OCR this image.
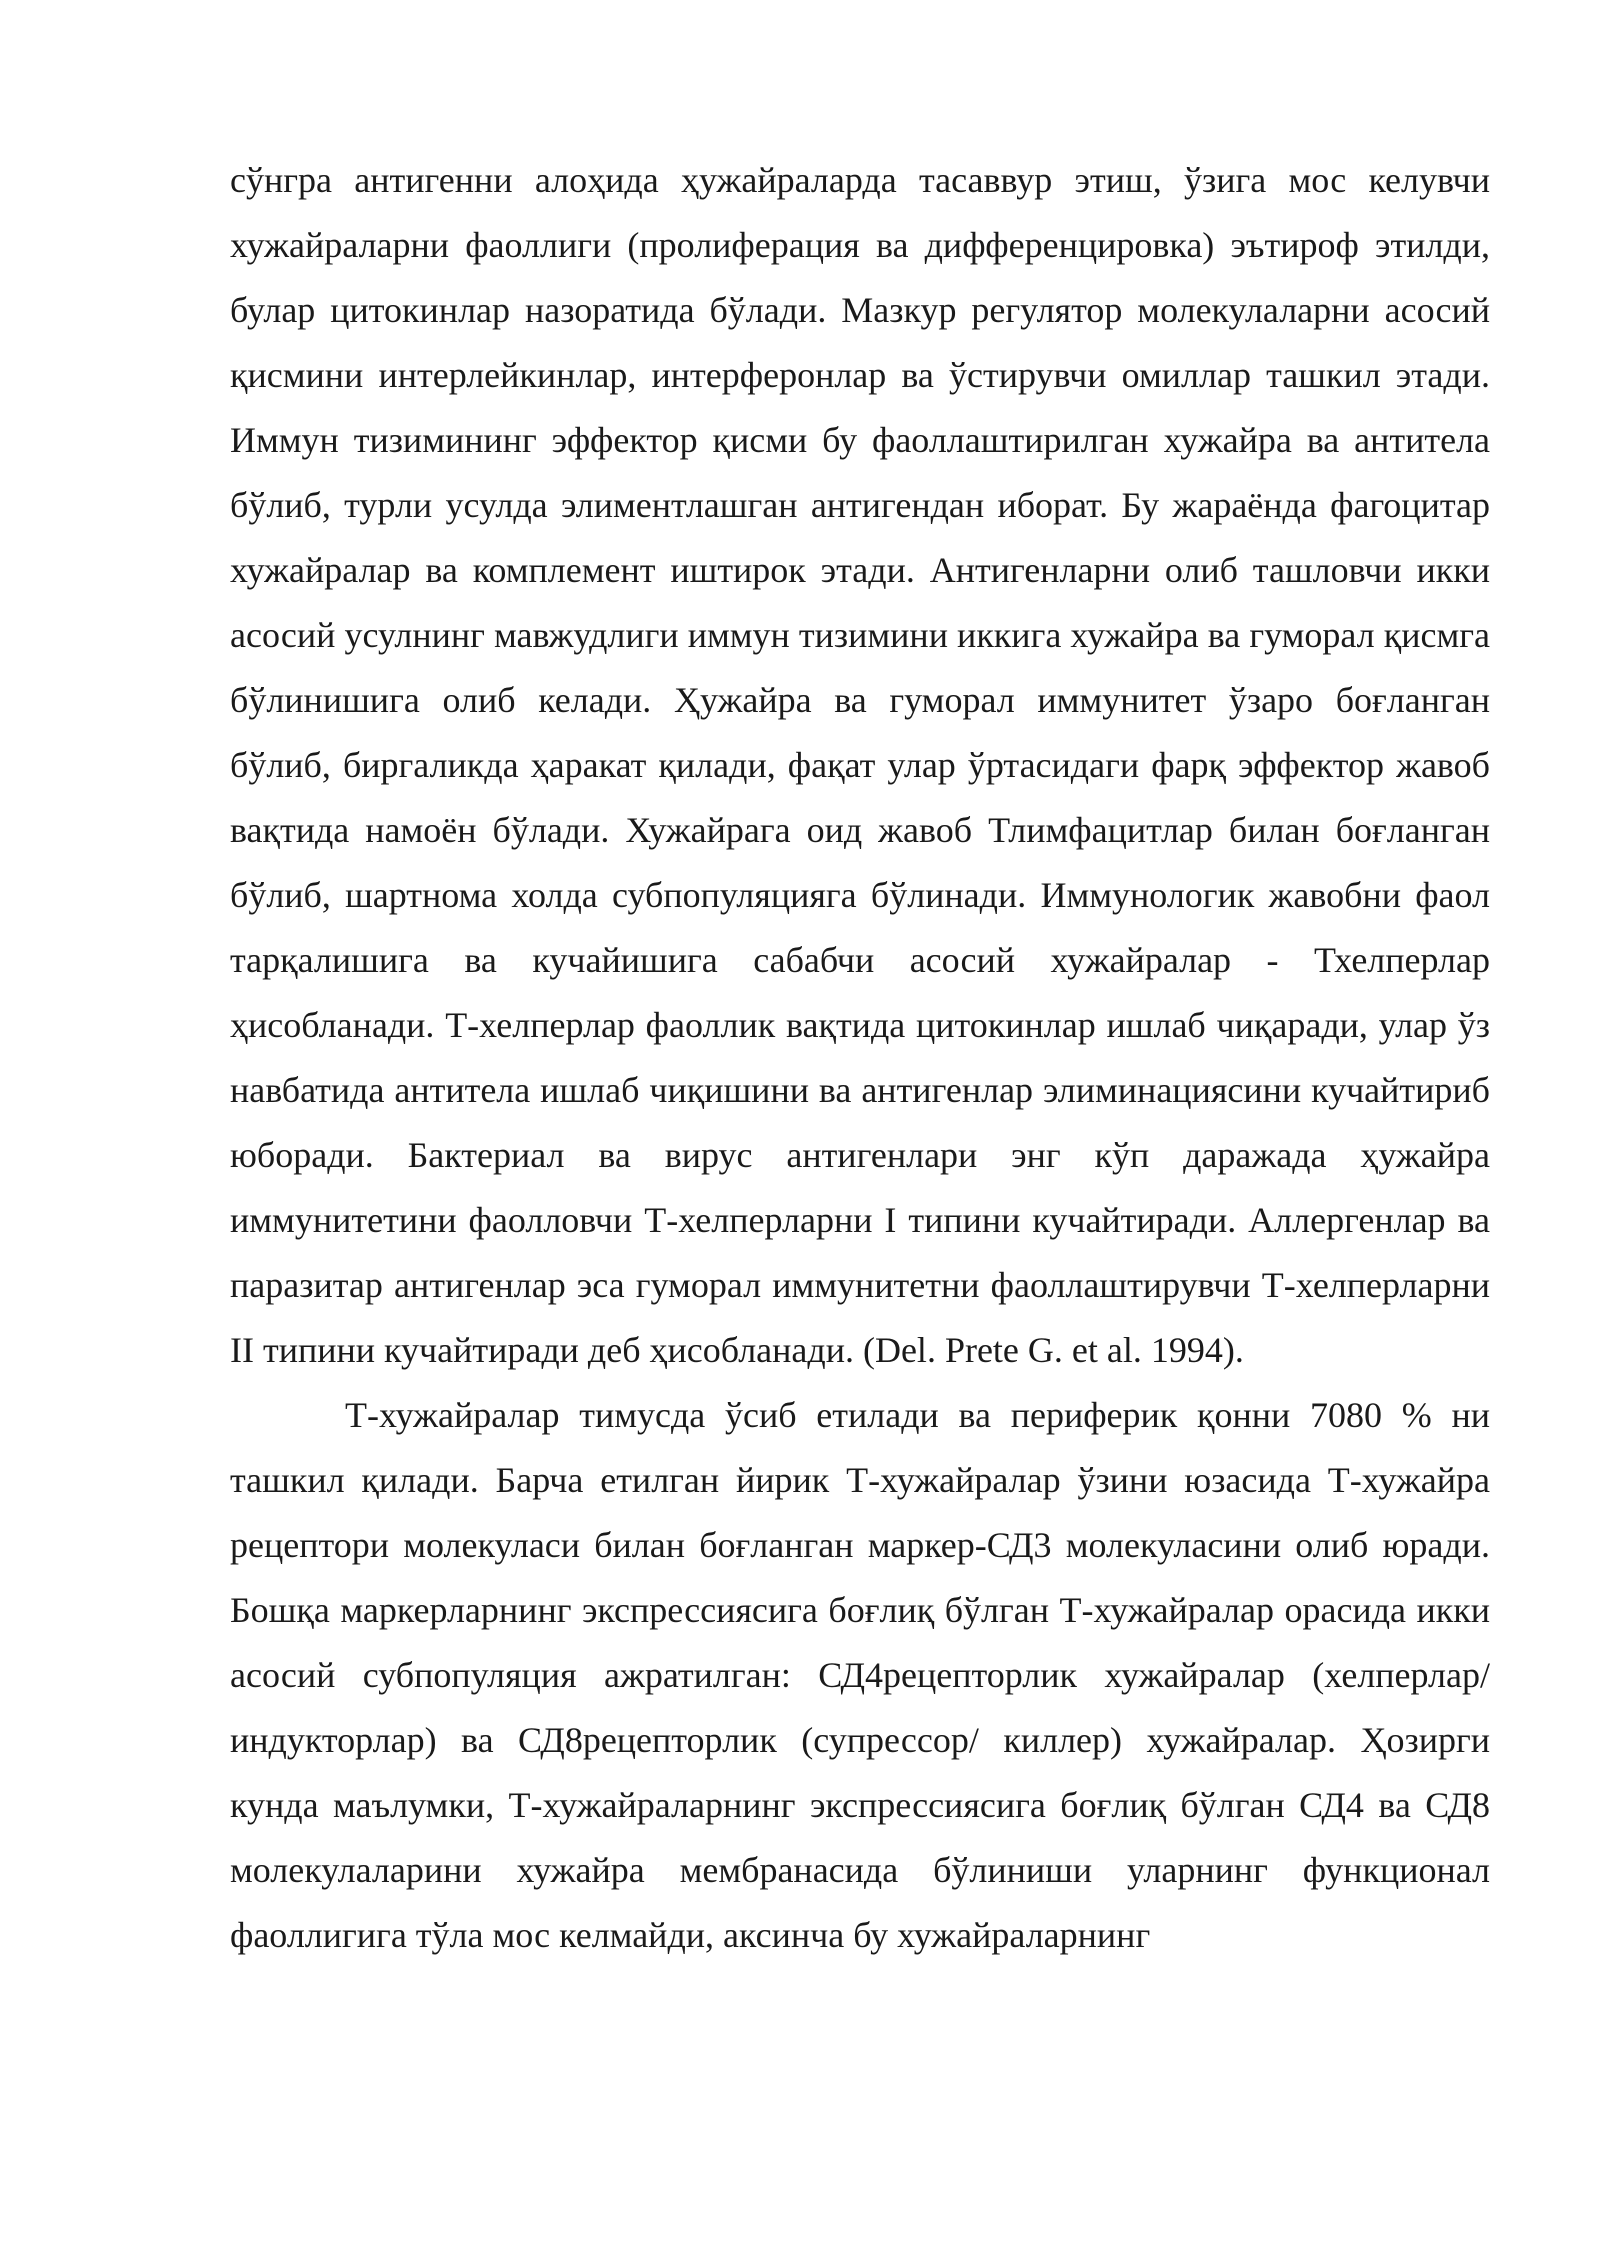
сўнгра антигенни алоҳида ҳужайраларда тасаввур этиш, ўзига мос келувчи хужайраларни фаоллиги (пролиферация ва дифференцировка) эътироф этилди, булар цитокинлар назоратида бўлади. Мазкур регулятор молекулаларни асосий қисмини интерлейкинлар, интерферонлар ва ўстирувчи омиллар ташкил этади. Иммун тизимининг эффектор қисми бу фаоллаштирилган хужайра ва антитела бўлиб, турли усулда элиментлашган антигендан иборат. Бу жараёнда фагоцитар хужайралар ва комплемент иштирок этади. Антигенларни олиб ташловчи икки асосий усулнинг мавжудлиги иммун тизимини иккига хужайра ва гуморал қисмга бўлинишига олиб келади. Ҳужайра ва гуморал иммунитет ўзаро боғланган бўлиб, биргаликда ҳаракат қилади, фақат улар ўртасидаги фарқ эффектор жавоб вақтида намоён бўлади. Хужайрага оид жавоб Тлимфацитлар билан боғланган бўлиб, шартнома холда субпопуляцияга бўлинади. Иммунологик жавобни фаол тарқалишига ва кучайишига сабабчи асосий хужайралар - Тхелперлар ҳисобланади. Т-хелперлар фаоллик вақтида цитокинлар ишлаб чиқаради, улар ўз навбатида антитела ишлаб чиқишини ва антигенлар элиминациясини кучайтириб юборади. Бактериал ва вирус антигенлари энг кўп даражада ҳужайра иммунитетини фаолловчи Т-хелперларни I типини кучайтиради. Аллергенлар ва паразитар антигенлар эса гуморал иммунитетни фаоллаштирувчи Т-хелперларни II типини кучайтиради деб ҳисобланади. (Del. Prete G. et al. 1994).

Т-хужайралар тимусда ўсиб етилади ва периферик қонни 7080 % ни ташкил қилади. Барча етилган йирик Т-хужайралар ўзини юзасида Т-хужайра рецептори молекуласи билан боғланган маркер-СД3 молекуласини олиб юради. Бошқа маркерларнинг экспрессиясига боғлиқ бўлган Т-хужайралар орасида икки асосий субпопуляция ажратилган: СД4рецепторлик хужайралар (хелперлар/индукторлар) ва СД8рецепторлик (супрессор/ киллер) хужайралар. Ҳозирги кунда маълумки, Т-хужайраларнинг экспрессиясига боғлиқ бўлган СД4 ва СД8 молекулаларини хужайра мембранасида бўлиниши уларнинг функционал фаоллигига тўла мос келмайди, аксинча бу хужайраларнинг
